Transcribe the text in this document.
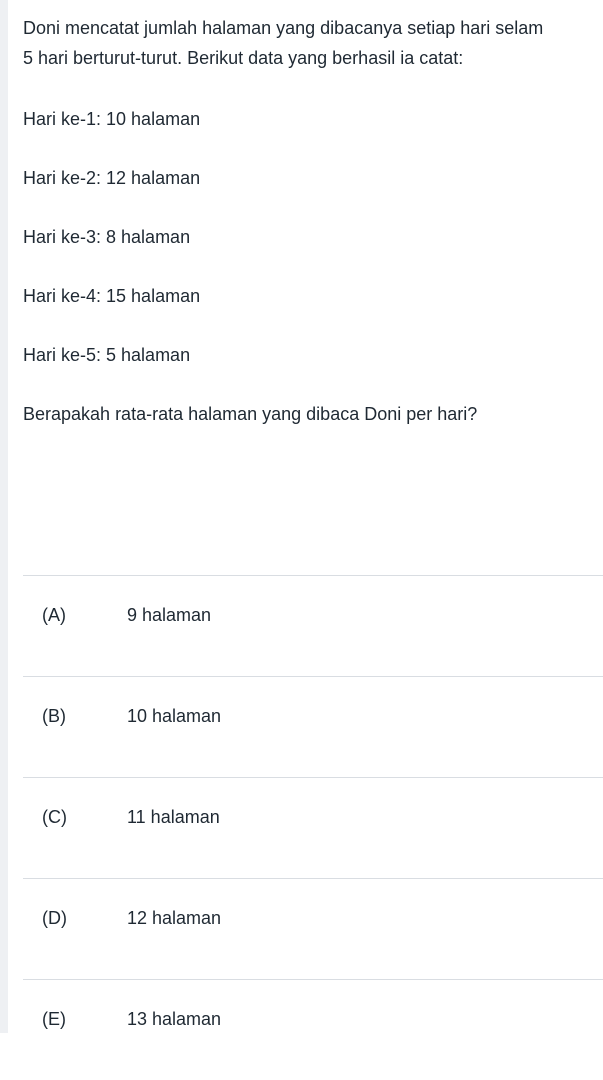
Doni mencatat jumlah halaman yang dibacanya setiap hari selam
5 hari berturut-turut. Berikut data yang berhasil ia catat:
Hari ke-1: 10 halaman
Hari ke-2: 12 halaman
Hari ke-3: 8 halaman
Hari ke-4: 15 halaman
Hari ke-5: 5 halaman
Berapakah rata-rata halaman yang dibaca Doni per hari?
(A)	9 halaman
(B)	10 halaman
(C)	11 halaman
(D)	12 halaman
(E)	13 halaman
